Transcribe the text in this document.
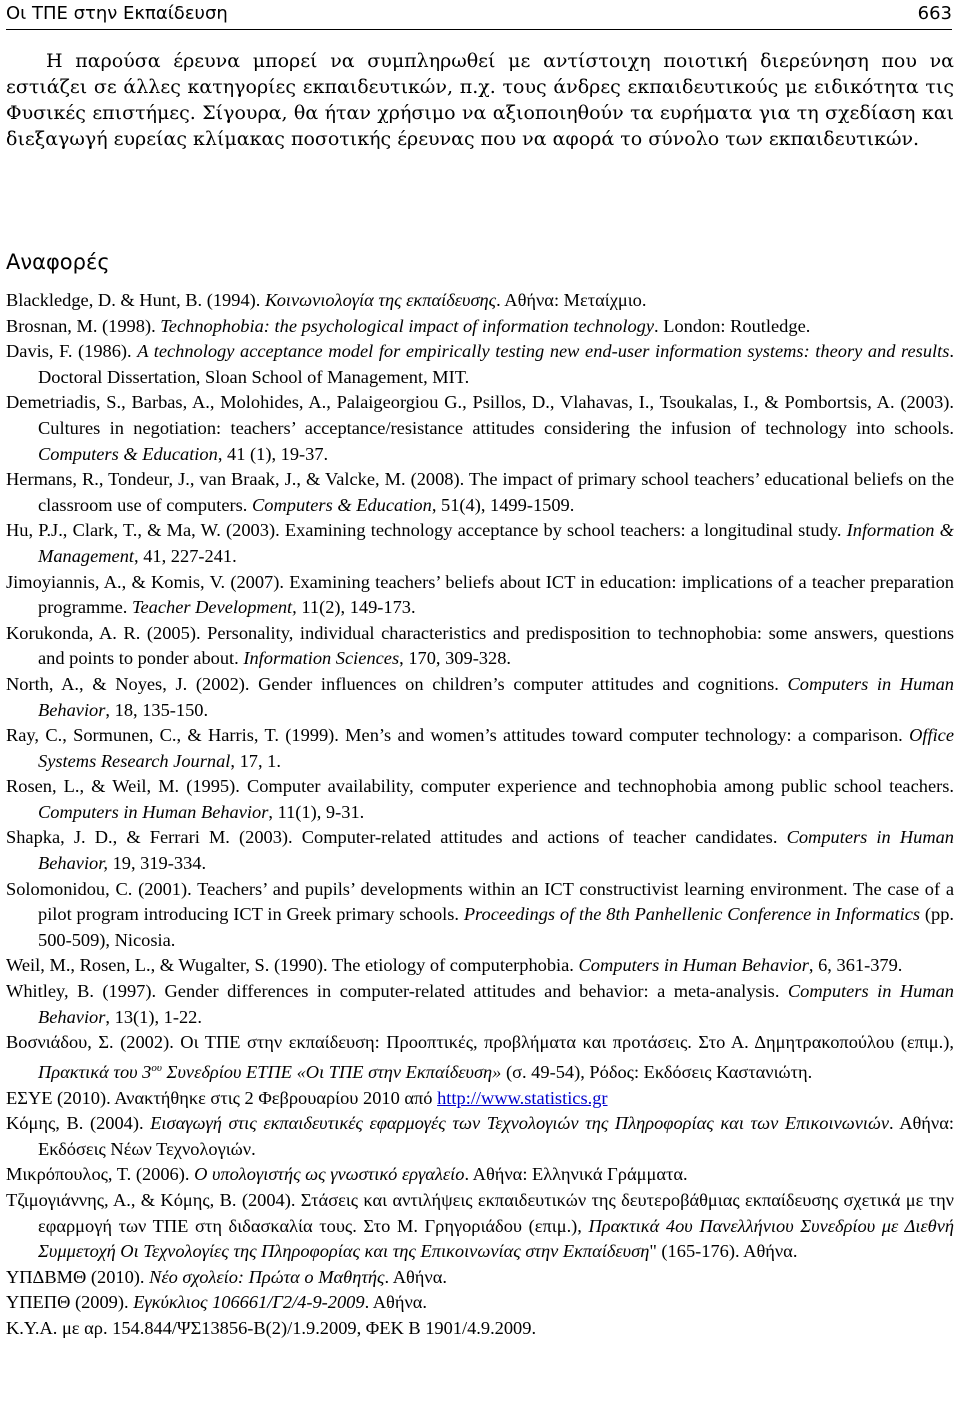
Οι ΤΠΕ στην Εκπαίδευση	663

Η παρούσα έρευνα μπορεί να συμπληρωθεί με αντίστοιχη ποιοτική διερεύνηση που να εστιάζει σε άλλες κατηγορίες εκπαιδευτικών, π.χ. τους άνδρες εκπαιδευτικούς με ειδικότητα τις Φυσικές επιστήμες. Σίγουρα, θα ήταν χρήσιμο να αξιοποιηθούν τα ευρήματα για τη σχεδίαση και διεξαγωγή ευρείας κλίμακας ποσοτικής έρευνας που να αφορά το σύνολο των εκπαιδευτικών.

Αναφορές

Blackledge, D. & Hunt, B. (1994). Κοινωνιολογία της εκπαίδευσης. Αθήνα: Μεταίχμιο.

Brosnan, M. (1998). Technophobia: the psychological impact of information technology. London: Routledge.

Davis, F. (1986). A technology acceptance model for empirically testing new end-user information systems: theory and results. Doctoral Dissertation, Sloan School of Management, MIT.

Demetriadis, S., Barbas, A., Molohides, A., Palaigeorgiou G., Psillos, D., Vlahavas, I., Tsoukalas, I., & Pombortsis, A. (2003). Cultures in negotiation: teachers’ acceptance/resistance attitudes considering the infusion of technology into schools. Computers & Education, 41 (1), 19-37.

Hermans, R., Tondeur, J., van Braak, J., & Valcke, M. (2008). The impact of primary school teachers’ educational beliefs on the classroom use of computers. Computers & Education, 51(4), 1499-1509.

Hu, P.J., Clark, T., & Ma, W. (2003). Examining technology acceptance by school teachers: a longitudinal study. Information & Management, 41, 227-241.

Jimoyiannis, A., & Komis, V. (2007). Examining teachers’ beliefs about ICT in education: implications of a teacher preparation programme. Teacher Development, 11(2), 149-173.

Korukonda, A. R. (2005). Personality, individual characteristics and predisposition to technophobia: some answers, questions and points to ponder about. Information Sciences, 170, 309-328.

North, A., & Noyes, J. (2002). Gender influences on children’s computer attitudes and cognitions. Computers in Human Behavior, 18, 135-150.

Ray, C., Sormunen, C., & Harris, T. (1999). Men’s and women’s attitudes toward computer technology: a comparison. Office Systems Research Journal, 17, 1.

Rosen, L., & Weil, M. (1995). Computer availability, computer experience and technophobia among public school teachers. Computers in Human Behavior, 11(1), 9-31.

Shapka, J. D., & Ferrari M. (2003). Computer-related attitudes and actions of teacher candidates. Computers in Human Behavior, 19, 319-334.

Solomonidou, C. (2001). Teachers’ and pupils’ developments within an ICT constructivist learning environment. The case of a pilot program introducing ICT in Greek primary schools. Proceedings of the 8th Panhellenic Conference in Informatics (pp. 500-509), Nicosia.

Weil, M., Rosen, L., & Wugalter, S. (1990). The etiology of computerphobia. Computers in Human Behavior, 6, 361-379.

Whitley, B. (1997). Gender differences in computer-related attitudes and behavior: a meta-analysis. Computers in Human Behavior, 13(1), 1-22.

Βοσνιάδου, Σ. (2002). Οι ΤΠΕ στην εκπαίδευση: Προοπτικές, προβλήματα και προτάσεις. Στο Α. Δημητρακοπούλου (επιμ.), Πρακτικά του $3^{o\upsilon}$ Συνεδρίου ΕΤΠΕ «Οι ΤΠΕ στην Εκπαίδευση» (σ. 49-54), Ρόδος: Εκδόσεις Καστανιώτη.

ΕΣΥΕ (2010). Ανακτήθηκε στις 2 Φεβρουαρίου 2010 από http://www.statistics.gr

Κόμης, Β. (2004). Εισαγωγή στις εκπαιδευτικές εφαρμογές των Τεχνολογιών της Πληροφορίας και των Επικοινωνιών. Αθήνα: Εκδόσεις Νέων Τεχνολογιών.

Μικρόπουλος, Τ. (2006). Ο υπολογιστής ως γνωστικό εργαλείο. Αθήνα: Ελληνικά Γράμματα.

Τζιμογιάννης, Α., & Κόμης, Β. (2004). Στάσεις και αντιλήψεις εκπαιδευτικών της δευτεροβάθμιας εκπαίδευσης σχετικά με την εφαρμογή των ΤΠΕ στη διδασκαλία τους. Στο Μ. Γρηγοριάδου (επιμ.), Πρακτικά 4ου Πανελλήνιου Συνεδρίου με Διεθνή Συμμετοχή Οι Τεχνολογίες της Πληροφορίας και της Επικοινωνίας στην Εκπαίδευση" (165-176). Αθήνα.

ΥΠΔΒΜΘ (2010). Νέο σχολείο: Πρώτα ο Μαθητής. Αθήνα.

ΥΠΕΠΘ (2009). Εγκύκλιος 106661/Γ2/4-9-2009. Αθήνα.

Κ.Υ.Α. με αρ. 154.844/ΨΣ13856-Β(2)/1.9.2009, ΦΕΚ Β 1901/4.9.2009.
